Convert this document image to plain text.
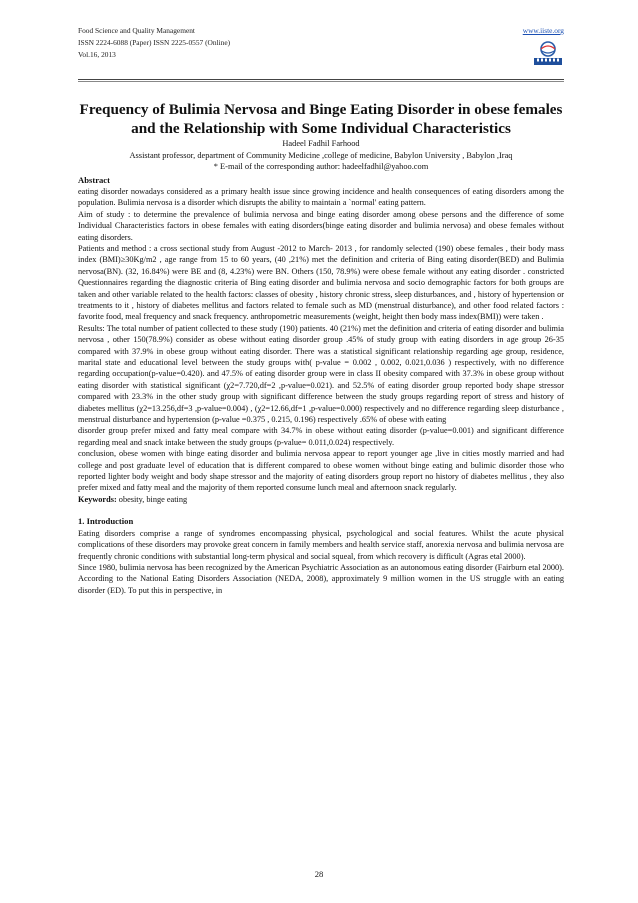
Food Science and Quality Management
ISSN 2224-6088 (Paper) ISSN 2225-0557 (Online)
Vol.16, 2013
www.iiste.org
Frequency of Bulimia Nervosa and Binge Eating Disorder in obese females and the Relationship with Some Individual Characteristics
Hadeel Fadhil Farhood
Assistant professor, department of Community Medicine ,college of medicine, Babylon University , Babylon ,Iraq
* E-mail of the corresponding author: hadeelfadhil@yahoo.com
Abstract

eating disorder nowadays considered as a primary health issue since growing incidence and health consequences of eating disorders among the population. Bulimia nervosa is a disorder which disrupts the ability to maintain a `normal' eating pattern.

Aim of study : to determine the prevalence of bulimia nervosa and binge eating disorder among obese persons and the difference of some Individual Characteristics factors in obese females with eating disorders(binge eating disorder and bulimia nervosa) and obese females without eating disorders.

Patients and method : a cross sectional study from August -2012 to March- 2013 , for randomly selected (190) obese females , their body mass index (BMI)≥30Kg/m2 , age range from 15 to 60 years, (40 ,21%) met the definition and criteria of Bing eating disorder(BED) and Bulimia nervosa(BN). (32, 16.84%) were BE and (8, 4.23%) were BN. Others (150, 78.9%) were obese female without any eating disorder . constricted Questionnaires regarding the diagnostic criteria of Bing eating disorder and bulimia nervosa and socio demographic factors for both groups are taken and other variable related to the health factors: classes of obesity , history chronic stress, sleep disturbances, and , history of hypertension or treatments to it , history of diabetes mellitus and factors related to female such as MD (menstrual disturbance), and other food related factors : favorite food, meal frequency and snack frequency. anthropometric measurements (weight, height then body mass index(BMI)) were taken .

Results: The total number of patient collected to these study (190) patients. 40 (21%) met the definition and criteria of eating disorder and bulimia nervosa , other 150(78.9%) consider as obese without eating disorder group .45% of study group with eating disorders in age group 26-35 compared with 37.9% in obese group without eating disorder. There was a statistical significant relationship regarding age group, residence, marital state and educational level between the study groups with( p-value = 0.002 , 0.002, 0.021,0.036 ) respectively, with no difference regarding occupation(p-value=0.420). and 47.5% of eating disorder group were in class II obesity compared with 37.3% in obese group without eating disorder with statistical significant (χ2=7.720,df=2 ,p-value=0.021). and 52.5% of eating disorder group reported body shape stressor compared with 23.3% in the other study group with significant difference between the study groups regarding report of stress and history of diabetes mellitus (χ2=13.256,df=3 ,p-value=0.004) , (χ2=12.66,df=1 ,p-value=0.000) respectively and no difference regarding sleep disturbance , menstrual disturbance and hypertension (p-value =0.375 , 0.215, 0.196) respectively .65% of obese with eating

disorder group prefer mixed and fatty meal compare with 34.7% in obese without eating disorder (p-value=0.001) and significant difference regarding meal and snack intake between the study groups (p-value= 0.011,0.024) respectively.

conclusion, obese women with binge eating disorder and bulimia nervosa appear to report younger age ,live in cities mostly married and had college and post graduate level of education that is different compared to obese women without binge eating and bulimic disorder those who reported lighter body weight and body shape stressor and the majority of eating disorders group report no history of diabetes mellitus , they also prefer mixed and fatty meal and the majority of them reported consume lunch meal and afternoon snack regularly.

Keywords: obesity, binge eating
1. Introduction

Eating disorders comprise a range of syndromes encompassing physical, psychological and social features. Whilst the acute physical complications of these disorders may provoke great concern in family members and health service staff, anorexia nervosa and bulimia nervosa are frequently chronic conditions with substantial long-term physical and social squeal, from which recovery is difficult (Agras etal 2000).

Since 1980, bulimia nervosa has been recognized by the American Psychiatric Association as an autonomous eating disorder (Fairburn etal 2000). According to the National Eating Disorders Association (NEDA, 2008), approximately 9 million women in the US struggle with an eating disorder (ED). To put this in perspective, in

28
